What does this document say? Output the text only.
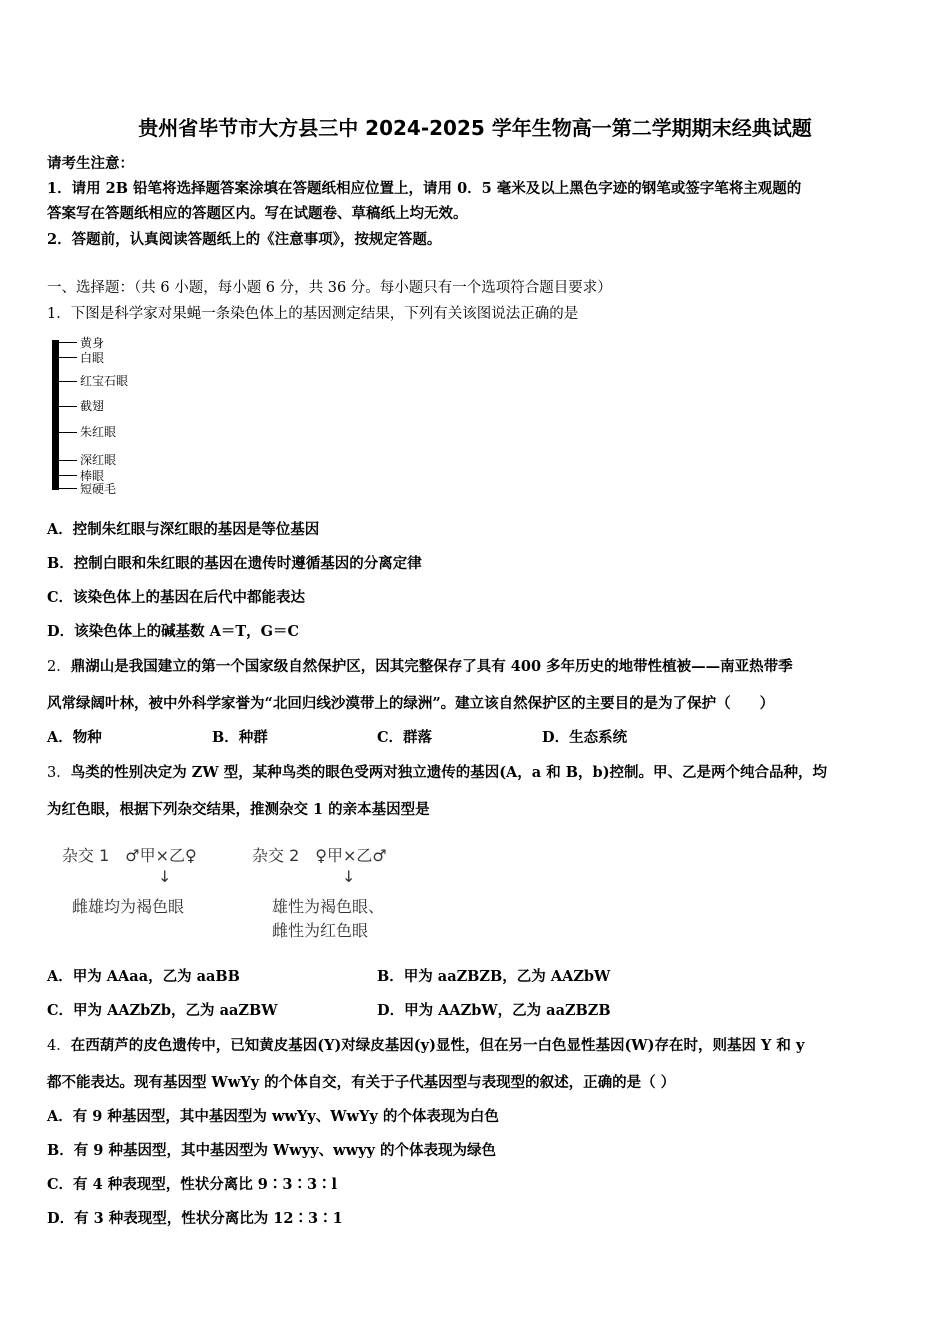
贵州省毕节市大方县三中 2024-2025 学年生物高一第二学期期末经典试题
请考生注意：
1．请用 2B 铅笔将选择题答案涂填在答题纸相应位置上，请用 0．5 毫米及以上黑色字迹的钢笔或签字笔将主观题的
答案写在答题纸相应的答题区内。写在试题卷、草稿纸上均无效。
2．答题前，认真阅读答题纸上的《注意事项》，按规定答题。
一、选择题：（共 6 小题，每小题 6 分，共 36 分。每小题只有一个选项符合题目要求）
1．下图是科学家对果蝇一条染色体上的基因测定结果，下列有关该图说法正确的是
黄身
白眼
红宝石眼
截翅
朱红眼
深红眼
棒眼
短硬毛
A．控制朱红眼与深红眼的基因是等位基因
B．控制白眼和朱红眼的基因在遗传时遵循基因的分离定律
C．该染色体上的基因在后代中都能表达
D．该染色体上的碱基数 A＝T，G＝C
2．鼎湖山是我国建立的第一个国家级自然保护区，因其完整保存了具有 400 多年历史的地带性植被——南亚热带季
风常绿阔叶林，被中外科学家誉为“北回归线沙漠带上的绿洲”。建立该自然保护区的主要目的是为了保护（　　）
A．物种	B．种群	C．群落	D．生态系统
3．鸟类的性别决定为 ZW 型，某种鸟类的眼色受两对独立遗传的基因(A，a 和 B，b)控制。甲、乙是两个纯合品种，均
为红色眼，根据下列杂交结果，推测杂交 1 的亲本基因型是
杂交 1　♂甲×乙♀
↓
雌雄均为褐色眼
杂交 2　♀甲×乙♂
↓
雄性为褐色眼、
雌性为红色眼
A．甲为 AAaa，乙为 aaBB	B．甲为 aaZBZB，乙为 AAZbW
C．甲为 AAZbZb，乙为 aaZBW	D．甲为 AAZbW，乙为 aaZBZB
4．在西葫芦的皮色遗传中，已知黄皮基因(Y)对绿皮基因(y)显性，但在另一白色显性基因(W)存在时，则基因 Y 和 y
都不能表达。现有基因型 WwYy 的个体自交，有关于子代基因型与表现型的叙述，正确的是（ ）
A．有 9 种基因型，其中基因型为 wwYy、WwYy 的个体表现为白色
B．有 9 种基因型，其中基因型为 Wwyy、wwyy 的个体表现为绿色
C．有 4 种表现型，性状分离比 9∶3∶3∶l
D．有 3 种表现型，性状分离比为 12∶3∶1
